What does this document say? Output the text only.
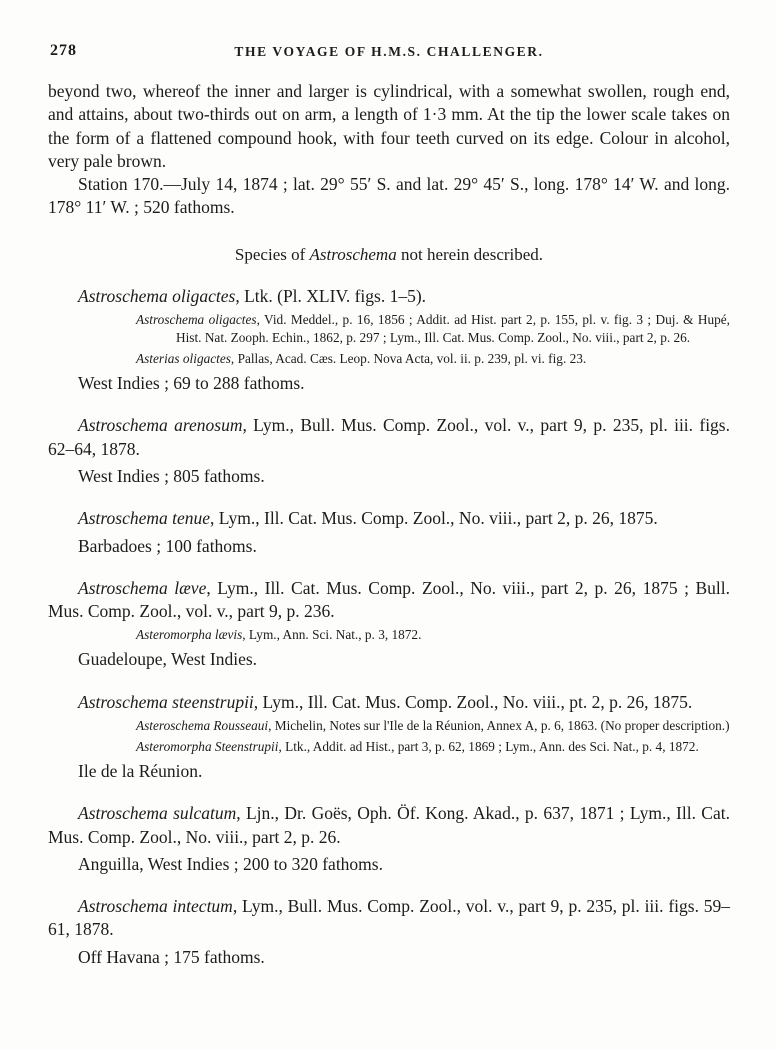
278	THE VOYAGE OF H.M.S. CHALLENGER.

beyond two, whereof the inner and larger is cylindrical, with a somewhat swollen, rough end, and attains, about two-thirds out on arm, a length of 1·3 mm. At the tip the lower scale takes on the form of a flattened compound hook, with four teeth curved on its edge. Colour in alcohol, very pale brown.

Station 170.—July 14, 1874 ; lat. 29° 55′ S. and lat. 29° 45′ S., long. 178° 14′ W. and long. 178° 11′ W. ; 520 fathoms.

Species of Astroschema not herein described.

Astroschema oligactes, Ltk. (Pl. XLIV. figs. 1–5).

Astroschema oligactes, Vid. Meddel., p. 16, 1856 ; Addit. ad Hist. part 2, p. 155, pl. v. fig. 3 ; Duj. & Hupé, Hist. Nat. Zooph. Echin., 1862, p. 297 ; Lym., Ill. Cat. Mus. Comp. Zool., No. viii., part 2, p. 26.

Asterias oligactes, Pallas, Acad. Cæs. Leop. Nova Acta, vol. ii. p. 239, pl. vi. fig. 23.

West Indies ; 69 to 288 fathoms.

Astroschema arenosum, Lym., Bull. Mus. Comp. Zool., vol. v., part 9, p. 235, pl. iii. figs. 62–64, 1878.

West Indies ; 805 fathoms.

Astroschema tenue, Lym., Ill. Cat. Mus. Comp. Zool., No. viii., part 2, p. 26, 1875.

Barbadoes ; 100 fathoms.

Astroschema læve, Lym., Ill. Cat. Mus. Comp. Zool., No. viii., part 2, p. 26, 1875 ; Bull. Mus. Comp. Zool., vol. v., part 9, p. 236.

Asteromorpha lævis, Lym., Ann. Sci. Nat., p. 3, 1872.

Guadeloupe, West Indies.

Astroschema steenstrupii, Lym., Ill. Cat. Mus. Comp. Zool., No. viii., pt. 2, p. 26, 1875.

Asteroschema Rousseaui, Michelin, Notes sur l'Ile de la Réunion, Annex A, p. 6, 1863. (No proper description.)

Asteromorpha Steenstrupii, Ltk., Addit. ad Hist., part 3, p. 62, 1869 ; Lym., Ann. des Sci. Nat., p. 4, 1872.

Ile de la Réunion.

Astroschema sulcatum, Ljn., Dr. Goës, Oph. Öf. Kong. Akad., p. 637, 1871 ; Lym., Ill. Cat. Mus. Comp. Zool., No. viii., part 2, p. 26.

Anguilla, West Indies ; 200 to 320 fathoms.

Astroschema intectum, Lym., Bull. Mus. Comp. Zool., vol. v., part 9, p. 235, pl. iii. figs. 59–61, 1878.

Off Havana ; 175 fathoms.
